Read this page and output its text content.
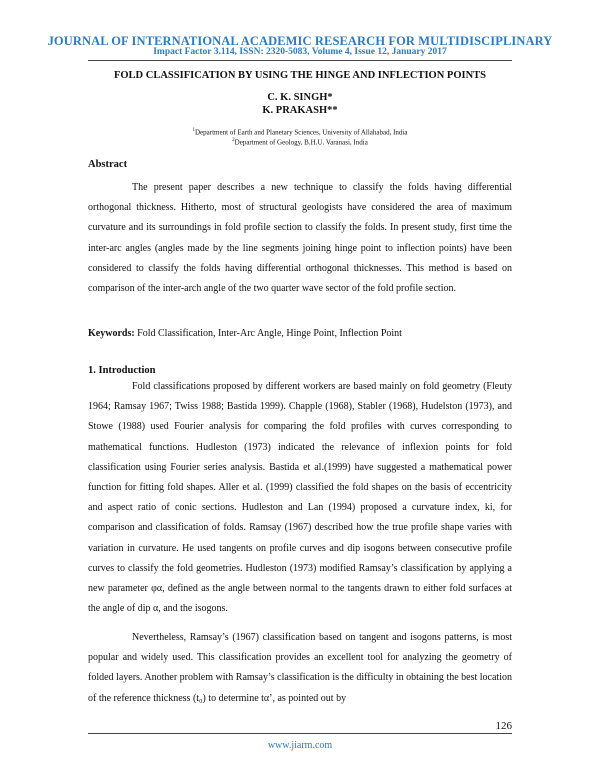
JOURNAL OF INTERNATIONAL ACADEMIC RESEARCH FOR MULTIDISCIPLINARY
Impact Factor 3.114, ISSN: 2320-5083, Volume 4, Issue 12, January 2017
FOLD CLASSIFICATION BY USING THE HINGE AND INFLECTION POINTS
C. K. SINGH*
K. PRAKASH**
$^1$Department of Earth and Planetary Sciences, University of Allahabad, India
$^2$Department of Geology, B.H.U. Varanasi, India
Abstract
The present paper describes a new technique to classify the folds having differential orthogonal thickness. Hitherto, most of structural geologists have considered the area of maximum curvature and its surroundings in fold profile section to classify the folds. In present study, first time the inter-arc angles (angles made by the line segments joining hinge point to inflection points) have been considered to classify the folds having differential orthogonal thicknesses. This method is based on comparison of the inter-arch angle of the two quarter wave sector of the fold profile section.
Keywords: Fold Classification, Inter-Arc Angle, Hinge Point, Inflection Point
1. Introduction
Fold classifications proposed by different workers are based mainly on fold geometry (Fleuty 1964; Ramsay 1967; Twiss 1988; Bastida 1999). Chapple (1968), Stabler (1968), Hudelston (1973), and Stowe (1988) used Fourier analysis for comparing the fold profiles with curves corresponding to mathematical functions. Hudleston (1973) indicated the relevance of inflexion points for fold classification using Fourier series analysis. Bastida et al.(1999) have suggested a mathematical power function for fitting fold shapes. Aller et al. (1999) classified the fold shapes on the basis of eccentricity and aspect ratio of conic sections. Hudleston and Lan (1994) proposed a curvature index, ki, for comparison and classification of folds. Ramsay (1967) described how the true profile shape varies with variation in curvature. He used tangents on profile curves and dip isogons between consecutive profile curves to classify the fold geometries. Hudleston (1973) modified Ramsay’s classification by applying a new parameter φα, defined as the angle between normal to the tangents drawn to either fold surfaces at the angle of dip α, and the isogons.
Nevertheless, Ramsay’s (1967) classification based on tangent and isogons patterns, is most popular and widely used. This classification provides an excellent tool for analyzing the geometry of folded layers. Another problem with Ramsay’s classification is the difficulty in obtaining the best location of the reference thickness (t₀) to determine tα’, as pointed out by
126
www.jiarm.com
